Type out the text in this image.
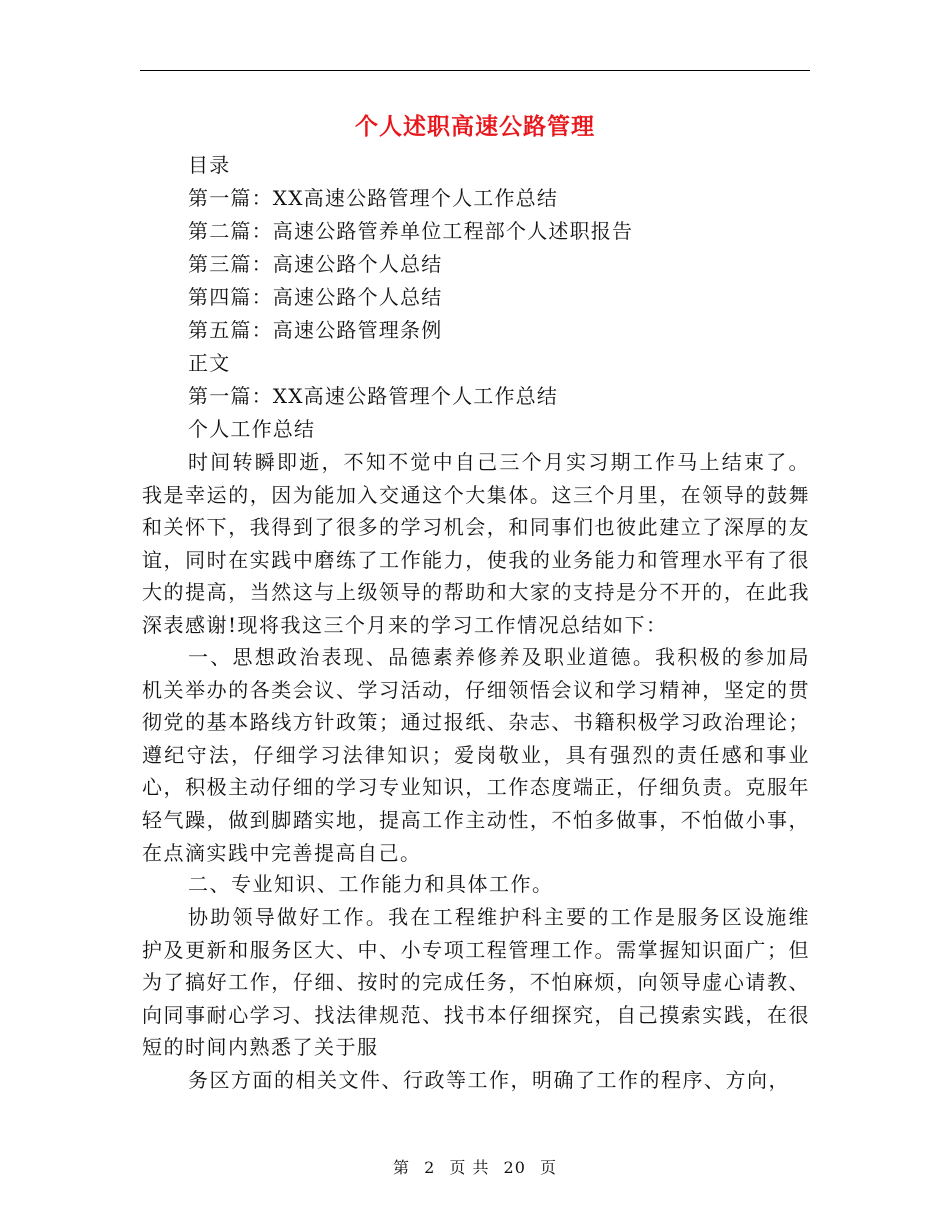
个人述职高速公路管理
目录
第一篇：XX高速公路管理个人工作总结
第二篇：高速公路管养单位工程部个人述职报告
第三篇：高速公路个人总结
第四篇：高速公路个人总结
第五篇：高速公路管理条例
正文
第一篇：XX高速公路管理个人工作总结
个人工作总结

时间转瞬即逝，不知不觉中自己三个月实习期工作马上结束了。我是幸运的，因为能加入交通这个大集体。这三个月里，在领导的鼓舞和关怀下，我得到了很多的学习机会，和同事们也彼此建立了深厚的友谊，同时在实践中磨练了工作能力，使我的业务能力和管理水平有了很大的提高，当然这与上级领导的帮助和大家的支持是分不开的，在此我深表感谢!现将我这三个月来的学习工作情况总结如下：

一、思想政治表现、品德素养修养及职业道德。我积极的参加局机关举办的各类会议、学习活动，仔细领悟会议和学习精神，坚定的贯彻党的基本路线方针政策；通过报纸、杂志、书籍积极学习政治理论；遵纪守法，仔细学习法律知识；爱岗敬业，具有强烈的责任感和事业心，积极主动仔细的学习专业知识，工作态度端正，仔细负责。克服年轻气躁，做到脚踏实地，提高工作主动性，不怕多做事，不怕做小事，在点滴实践中完善提高自己。

二、专业知识、工作能力和具体工作。

协助领导做好工作。我在工程维护科主要的工作是服务区设施维护及更新和服务区大、中、小专项工程管理工作。需掌握知识面广；但为了搞好工作，仔细、按时的完成任务，不怕麻烦，向领导虚心请教、向同事耐心学习、找法律规范、找书本仔细探究，自己摸索实践，在很短的时间内熟悉了关于服

务区方面的相关文件、行政等工作，明确了工作的程序、方向，

第 2 页 共 20 页
